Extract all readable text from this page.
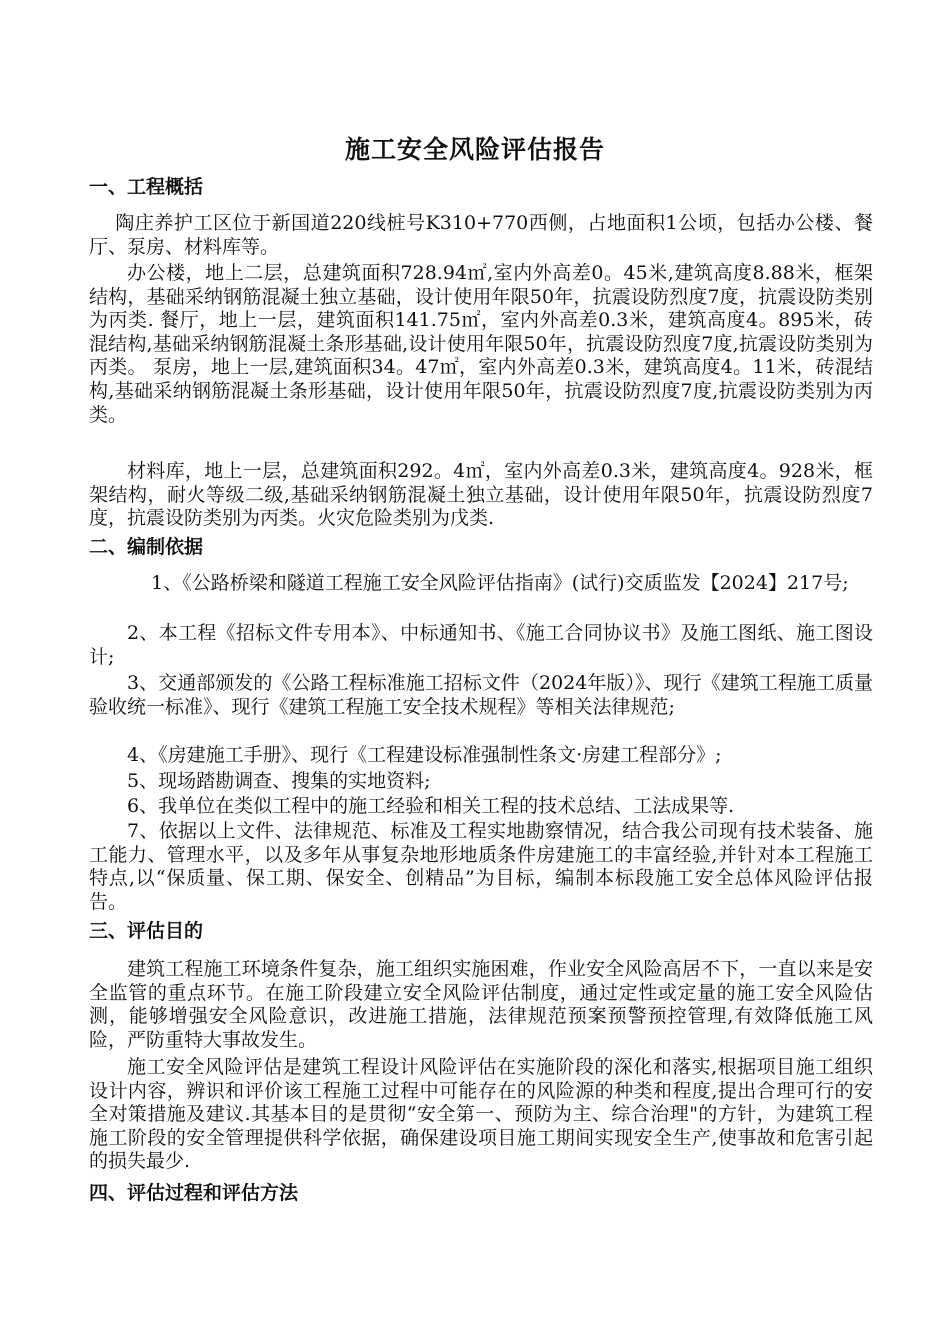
施工安全风险评估报告
一、工程概括
陶庄养护工区位于新国道220线桩号K310+770西侧，占地面积1公顷，包括办公楼、餐厅、泵房、材料库等。
办公楼，地上二层，总建筑面积728.94㎡,室内外高差0。45米,建筑高度8.88米，框架结构，基础采纳钢筋混凝土独立基础，设计使用年限50年，抗震设防烈度7度，抗震设防类别为丙类. 餐厅，地上一层，建筑面积141.75㎡，室内外高差0.3米，建筑高度4。895米，砖混结构,基础采纳钢筋混凝土条形基础,设计使用年限50年，抗震设防烈度7度,抗震设防类别为丙类。 泵房，地上一层,建筑面积34。47㎡，室内外高差0.3米，建筑高度4。11米，砖混结构,基础采纳钢筋混凝土条形基础，设计使用年限50年，抗震设防烈度7度,抗震设防类别为丙类。
材料库，地上一层，总建筑面积292。4㎡，室内外高差0.3米，建筑高度4。928米，框架结构，耐火等级二级,基础采纳钢筋混凝土独立基础，设计使用年限50年，抗震设防烈度7度，抗震设防类别为丙类。火灾危险类别为戊类.
二、编制依据
1、《公路桥梁和隧道工程施工安全风险评估指南》(试行)交质监发【2024】217号;
2、本工程《招标文件专用本》、中标通知书、《施工合同协议书》及施工图纸、施工图设计;
3、交通部颁发的《公路工程标准施工招标文件（2024年版）》、现行《建筑工程施工质量验收统一标准》、现行《建筑工程施工安全技术规程》等相关法律规范;
4、《房建施工手册》、现行《工程建设标准强制性条文·房建工程部分》;
5、现场踏勘调查、搜集的实地资料;
6、我单位在类似工程中的施工经验和相关工程的技术总结、工法成果等.
7、依据以上文件、法律规范、标准及工程实地勘察情况，结合我公司现有技术装备、施工能力、管理水平，以及多年从事复杂地形地质条件房建施工的丰富经验,并针对本工程施工特点,以“保质量、保工期、保安全、创精品”为目标，编制本标段施工安全总体风险评估报告。
三、评估目的
建筑工程施工环境条件复杂，施工组织实施困难，作业安全风险高居不下，一直以来是安全监管的重点环节。在施工阶段建立安全风险评估制度，通过定性或定量的施工安全风险估测，能够增强安全风险意识，改进施工措施，法律规范预案预警预控管理,有效降低施工风险，严防重特大事故发生。
施工安全风险评估是建筑工程设计风险评估在实施阶段的深化和落实,根据项目施工组织设计内容，辨识和评价该工程施工过程中可能存在的风险源的种类和程度,提出合理可行的安全对策措施及建议.其基本目的是贯彻“安全第一、预防为主、综合治理"的方针，为建筑工程施工阶段的安全管理提供科学依据，确保建设项目施工期间实现安全生产,使事故和危害引起的损失最少.
四、评估过程和评估方法
